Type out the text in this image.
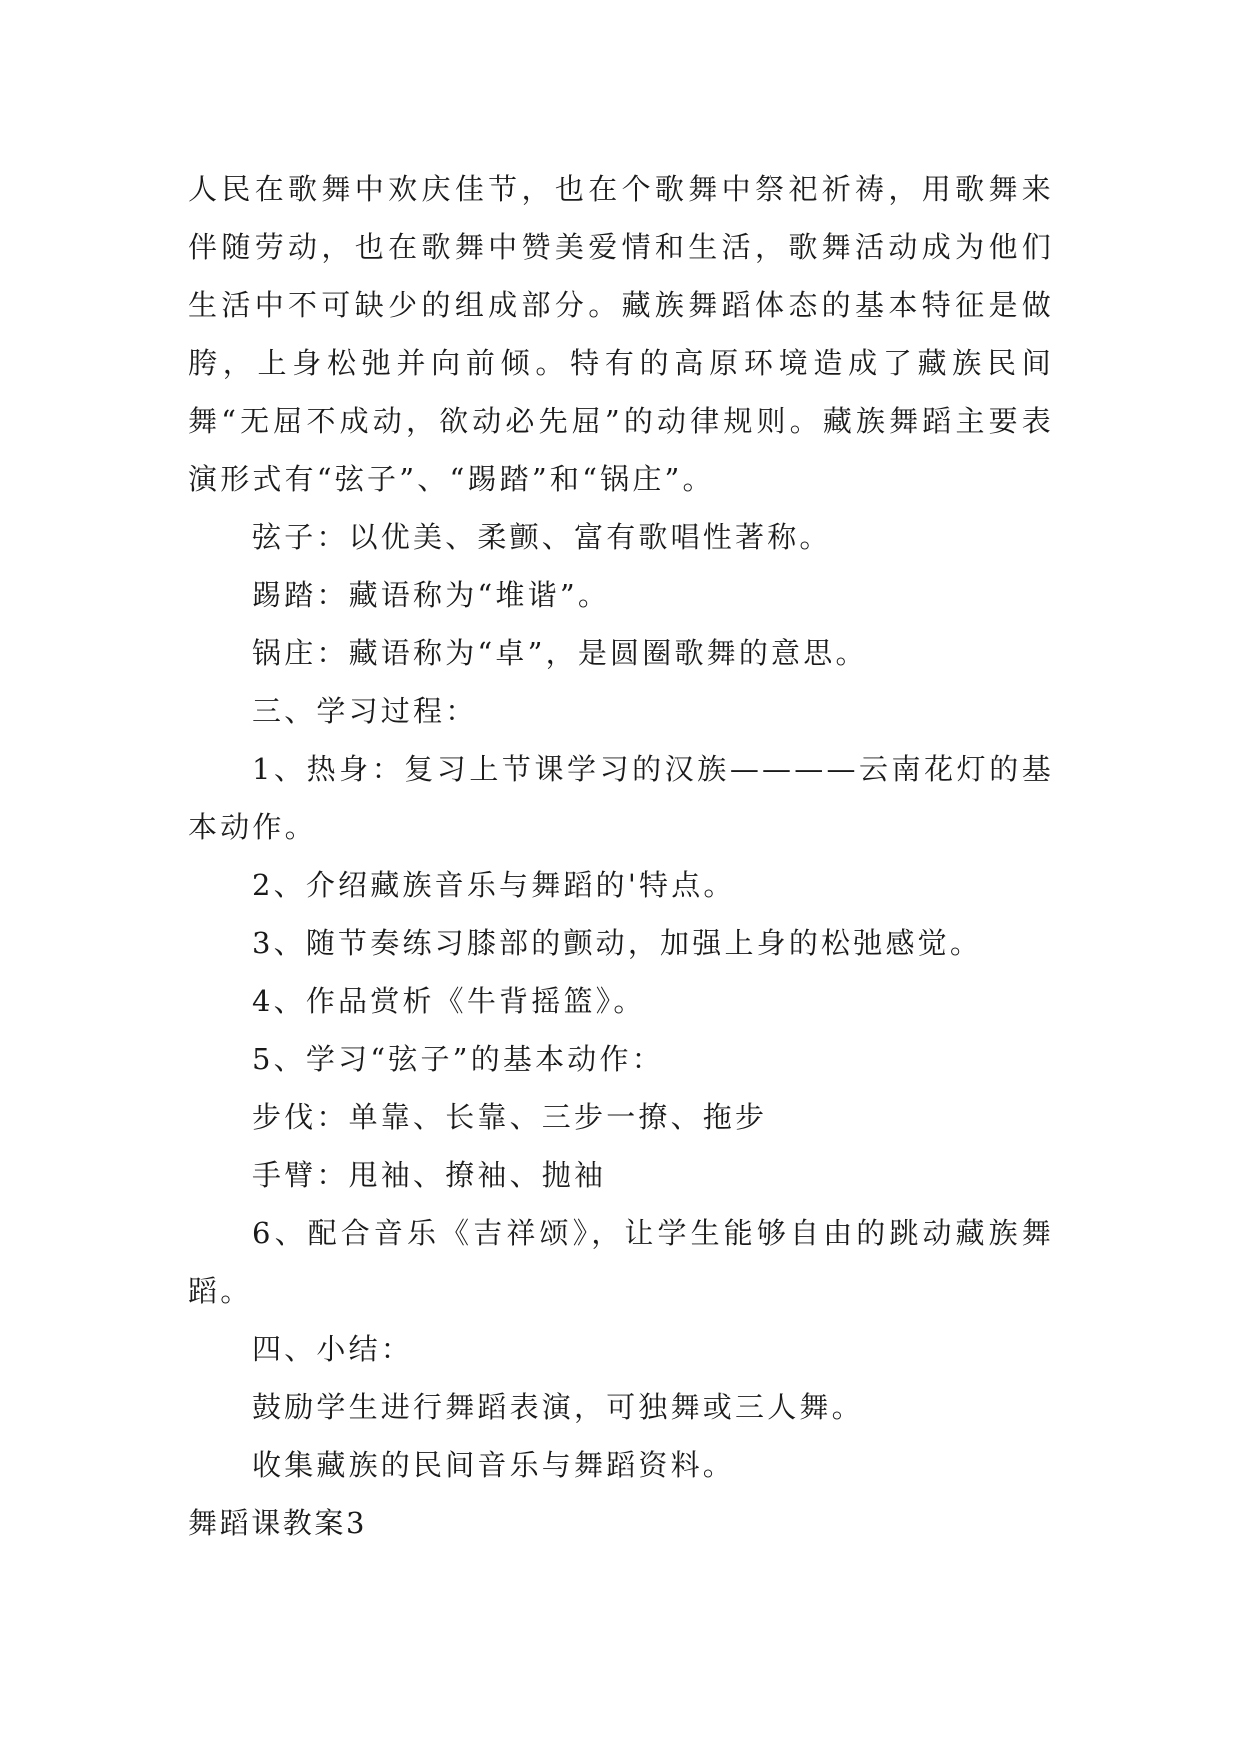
人民在歌舞中欢庆佳节，也在个歌舞中祭祀祈祷，用歌舞来伴随劳动，也在歌舞中赞美爱情和生活，歌舞活动成为他们生活中不可缺少的组成部分。藏族舞蹈体态的基本特征是做胯，上身松弛并向前倾。特有的高原环境造成了藏族民间舞“无屈不成动，欲动必先屈”的动律规则。藏族舞蹈主要表演形式有“弦子”、“踢踏”和“锅庄”。

弦子：以优美、柔颤、富有歌唱性著称。

踢踏：藏语称为“堆谐”。

锅庄：藏语称为“卓”，是圆圈歌舞的意思。

三、学习过程：

1、热身：复习上节课学习的汉族————云南花灯的基本动作。

2、介绍藏族音乐与舞蹈的'特点。

3、随节奏练习膝部的颤动，加强上身的松弛感觉。

4、作品赏析《牛背摇篮》。

5、学习“弦子”的基本动作：

步伐：单靠、长靠、三步一撩、拖步

手臂：甩袖、撩袖、抛袖

6、配合音乐《吉祥颂》，让学生能够自由的跳动藏族舞蹈。

四、小结：

鼓励学生进行舞蹈表演，可独舞或三人舞。

收集藏族的民间音乐与舞蹈资料。

舞蹈课教案3
